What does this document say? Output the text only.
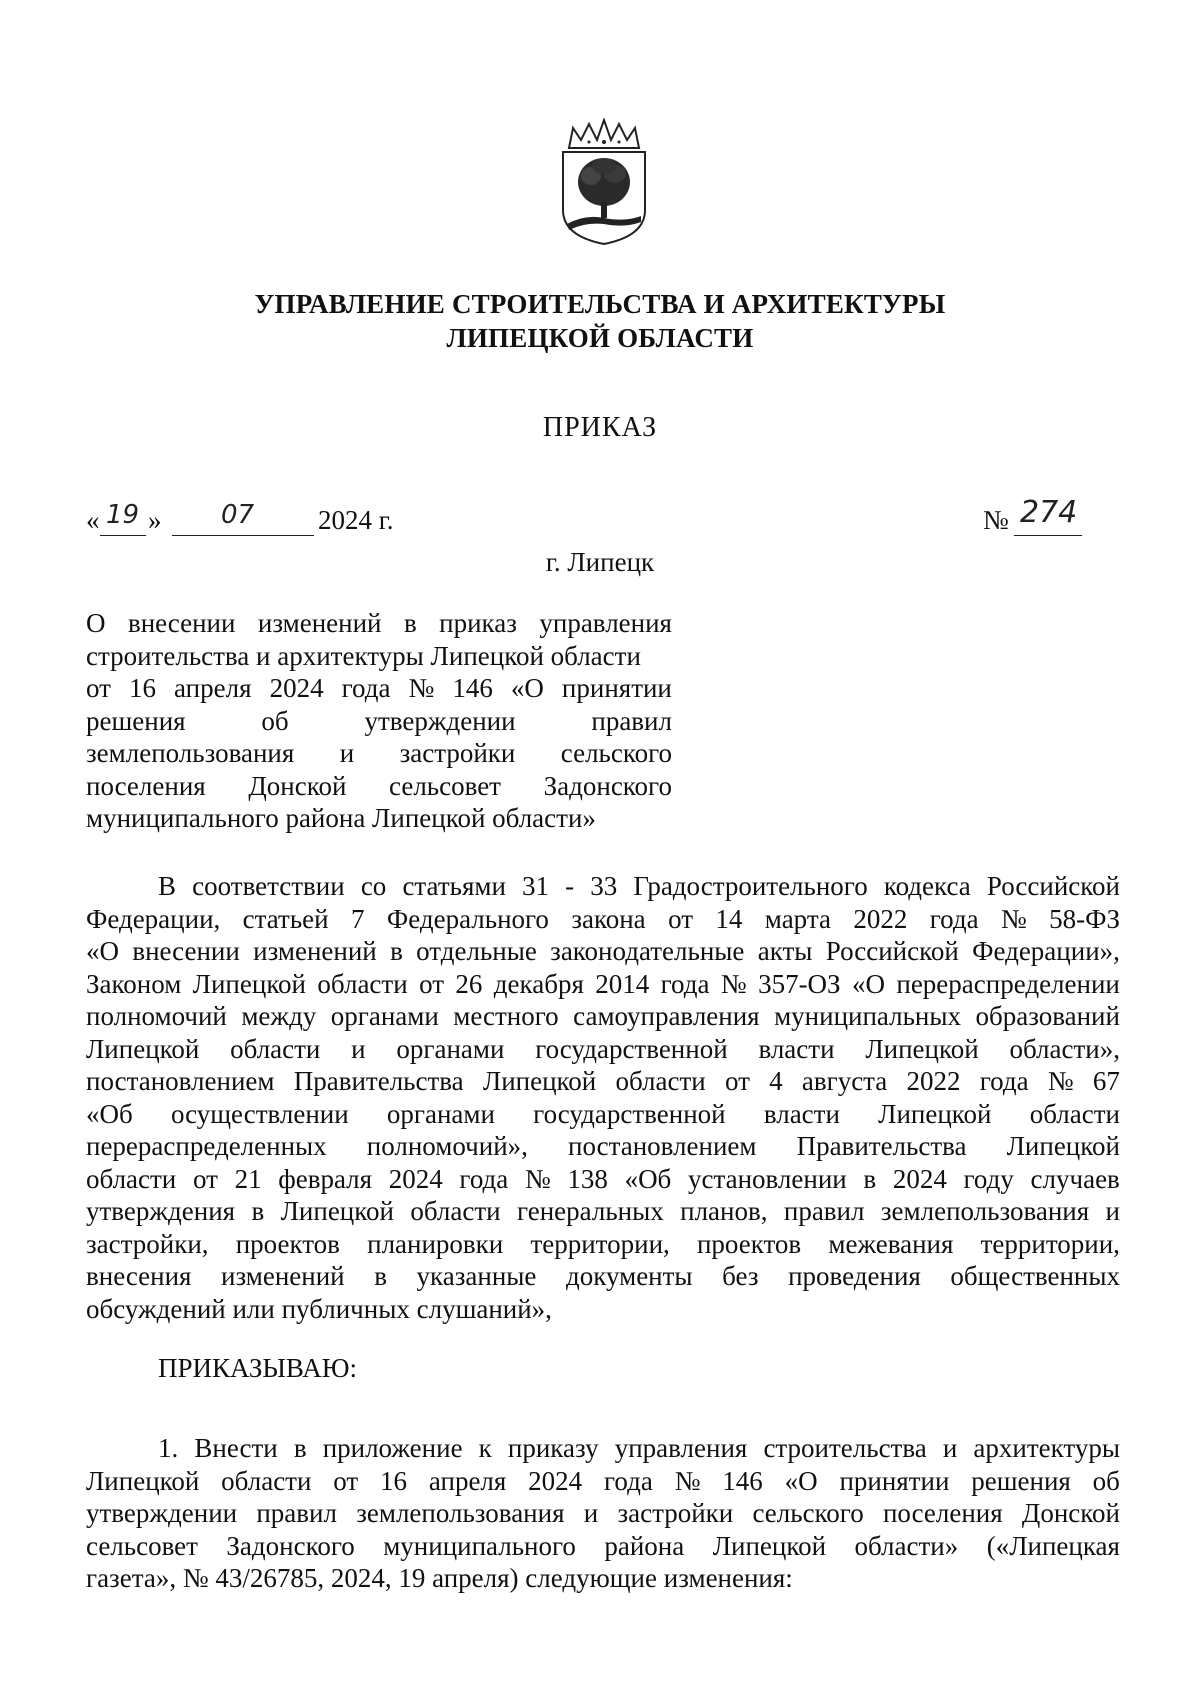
УПРАВЛЕНИЕ СТРОИТЕЛЬСТВА И АРХИТЕКТУРЫ
ЛИПЕЦКОЙ ОБЛАСТИ
ПРИКАЗ
« 19 » 07 2024 г.	№ 274
г. Липецк
О внесении изменений в приказ управления
строительства и архитектуры Липецкой области
от 16 апреля 2024 года № 146 «О принятии
решения	об	утверждении	правил
землепользования и застройки сельского
поселения Донской сельсовет Задонского
муниципального района Липецкой области»
В соответствии со статьями 31 - 33 Градостроительного кодекса Российской
Федерации, статьей 7 Федерального закона от 14 марта 2022 года № 58-ФЗ
«О внесении изменений в отдельные законодательные акты Российской Федерации»,
Законом Липецкой области от 26 декабря 2014 года № 357-ОЗ «О перераспределении
полномочий между органами местного самоуправления муниципальных образований
Липецкой области и органами государственной власти Липецкой области»,
постановлением Правительства Липецкой области от 4 августа 2022 года № 67
«Об осуществлении органами государственной власти Липецкой области
перераспределенных полномочий», постановлением Правительства Липецкой
области от 21 февраля 2024 года № 138 «Об установлении в 2024 году случаев
утверждения в Липецкой области генеральных планов, правил землепользования и
застройки, проектов планировки территории, проектов межевания территории,
внесения изменений в указанные документы без проведения общественных
обсуждений или публичных слушаний»,
ПРИКАЗЫВАЮ:
1. Внести в приложение к приказу управления строительства и архитектуры
Липецкой области от 16 апреля 2024 года № 146 «О принятии решения об
утверждении правил землепользования и застройки сельского поселения Донской
сельсовет Задонского муниципального района Липецкой области» («Липецкая
газета», № 43/26785, 2024, 19 апреля) следующие изменения:
